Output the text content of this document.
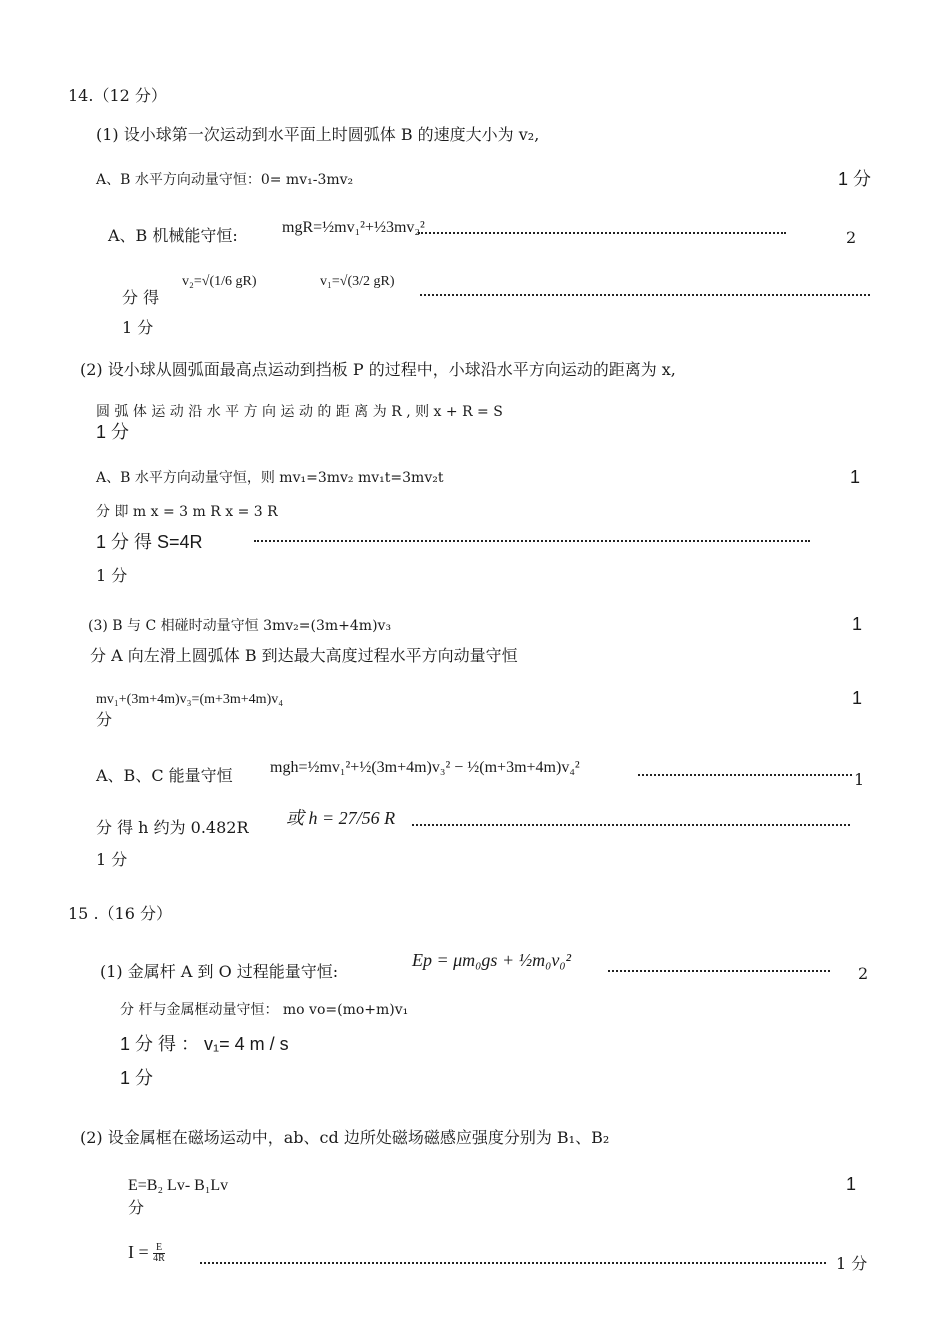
14.（12 分）
(1) 设小球第一次运动到水平面上时圆弧体 B 的速度大小为 v₂,
A、B 水平方向动量守恒：0= mv₁-3mv₂	1 分
A、B 机械能守恒:	mgR=½mv₁²+½3mv₂²
2
分 得
v₂=√(1/6 gR)	v₁=√(3/2 gR)
1 分
(2) 设小球从圆弧面最高点运动到挡板 P 的过程中，小球沿水平方向运动的距离为 x,
圆 弧 体 运 动 沿 水 平 方 向 运 动 的 距 离 为 R , 则 x + R = S
1 分
A、B 水平方向动量守恒，则 mv₁=3mv₂ mv₁t=3mv₂t	1
分 即 m x = 3 m R x = 3 R
1 分 得 S=4R
1 分
(3) B 与 C 相碰时动量守恒 3mv₂=(3m+4m)v₃	1
分 A 向左滑上圆弧体 B 到达最大高度过程水平方向动量守恒
mv₁+(3m+4m)v₃=(m+3m+4m)v₄	1
分
A、B、C 能量守恒 mgh=½mv₁²+½(3m+4m)v₃² − ½(m+3m+4m)v₄²
1
分 得 h 约为 0.482R 或 h = 27/56 R
1 分
15 .（16 分）
(1) 金属杆 A 到 O 过程能量守恒:
Ep = μm₀gs + ½m₀v₀²
2
分 杆与金属框动量守恒： mo vo=(mo+m)v₁
1 分 得 ： v₁= 4 m / s
1 分
(2) 设金属框在磁场运动中，ab、cd 边所处磁场磁感应强度分别为 B₁、B₂
E=B₂ Lv- B₁Lv	1
分
$I = \frac{E}{4R}$	1 分
